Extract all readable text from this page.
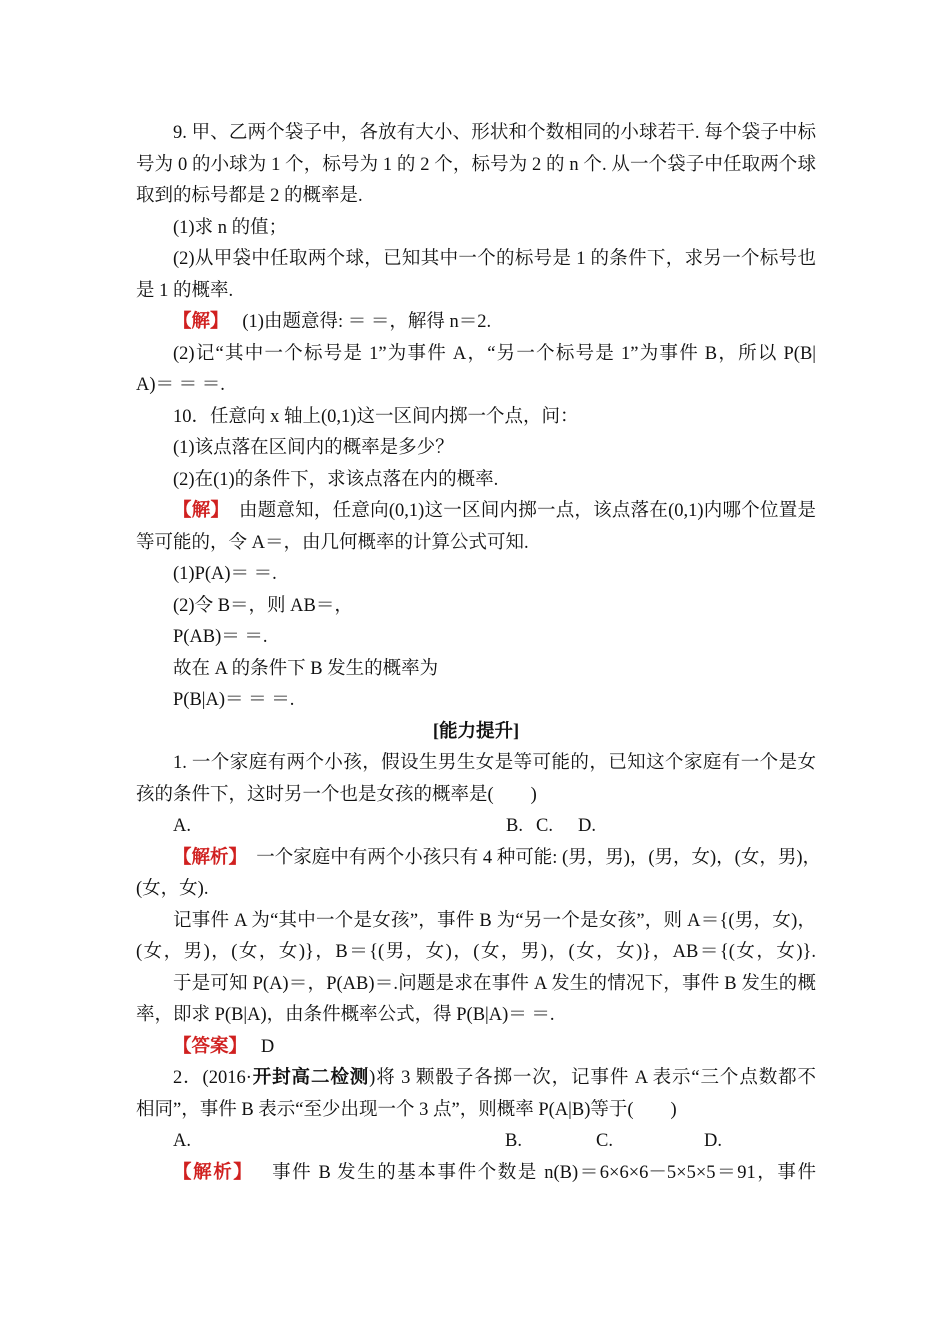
9. 甲、乙两个袋子中，各放有大小、形状和个数相同的小球若干. 每个袋子中标
号为 0 的小球为 1 个，标号为 1 的 2 个，标号为 2 的 n 个. 从一个袋子中任取两个球
取到的标号都是 2 的概率是.
(1)求 n 的值；
(2)从甲袋中任取两个球，已知其中一个的标号是 1 的条件下，求另一个标号也
是 1 的概率.
【解】 (1)由题意得: ＝ ＝，解得 n＝2.
(2)记“其中一个标号是 1”为事件 A，“另一个标号是 1”为事件 B，所以 P(B|
A)＝ ＝ ＝.
10．任意向 x 轴上(0,1)这一区间内掷一个点，问：
(1)该点落在区间内的概率是多少？
(2)在(1)的条件下，求该点落在内的概率.
【解】 由题意知，任意向(0,1)这一区间内掷一点，该点落在(0,1)内哪个位置是
等可能的，令 A＝，由几何概率的计算公式可知.
(1)P(A)＝ ＝.
(2)令 B＝，则 AB＝，
P(AB)＝ ＝.
故在 A 的条件下 B 发生的概率为
P(B|A)＝ ＝ ＝.
[能力提升]
1. 一个家庭有两个小孩，假设生男生女是等可能的，已知这个家庭有一个是女
孩的条件下，这时另一个也是女孩的概率是(　　)
A.	B. C.	D.
【解析】 一个家庭中有两个小孩只有 4 种可能: (男，男)，(男，女)，(女，男)，
(女，女).
记事件 A 为“其中一个是女孩”，事件 B 为“另一个是女孩”，则 A＝{(男，女)，
(女，男)，(女，女)}，B＝{(男，女)，(女，男)，(女，女)}，AB＝{(女，女)}.
于是可知 P(A)＝，P(AB)＝.问题是求在事件 A 发生的情况下，事件 B 发生的概
率，即求 P(B|A)，由条件概率公式，得 P(B|A)＝ ＝.
【答案】 D
2．(2016·开封高二检测)将 3 颗骰子各掷一次，记事件 A 表示“三个点数都不
相同”，事件 B 表示“至少出现一个 3 点”，则概率 P(A|B)等于(　　)
A.	B.	C.	D.
【解析】 事件 B 发生的基本事件个数是 n(B)＝6×6×6－5×5×5＝91，事件
